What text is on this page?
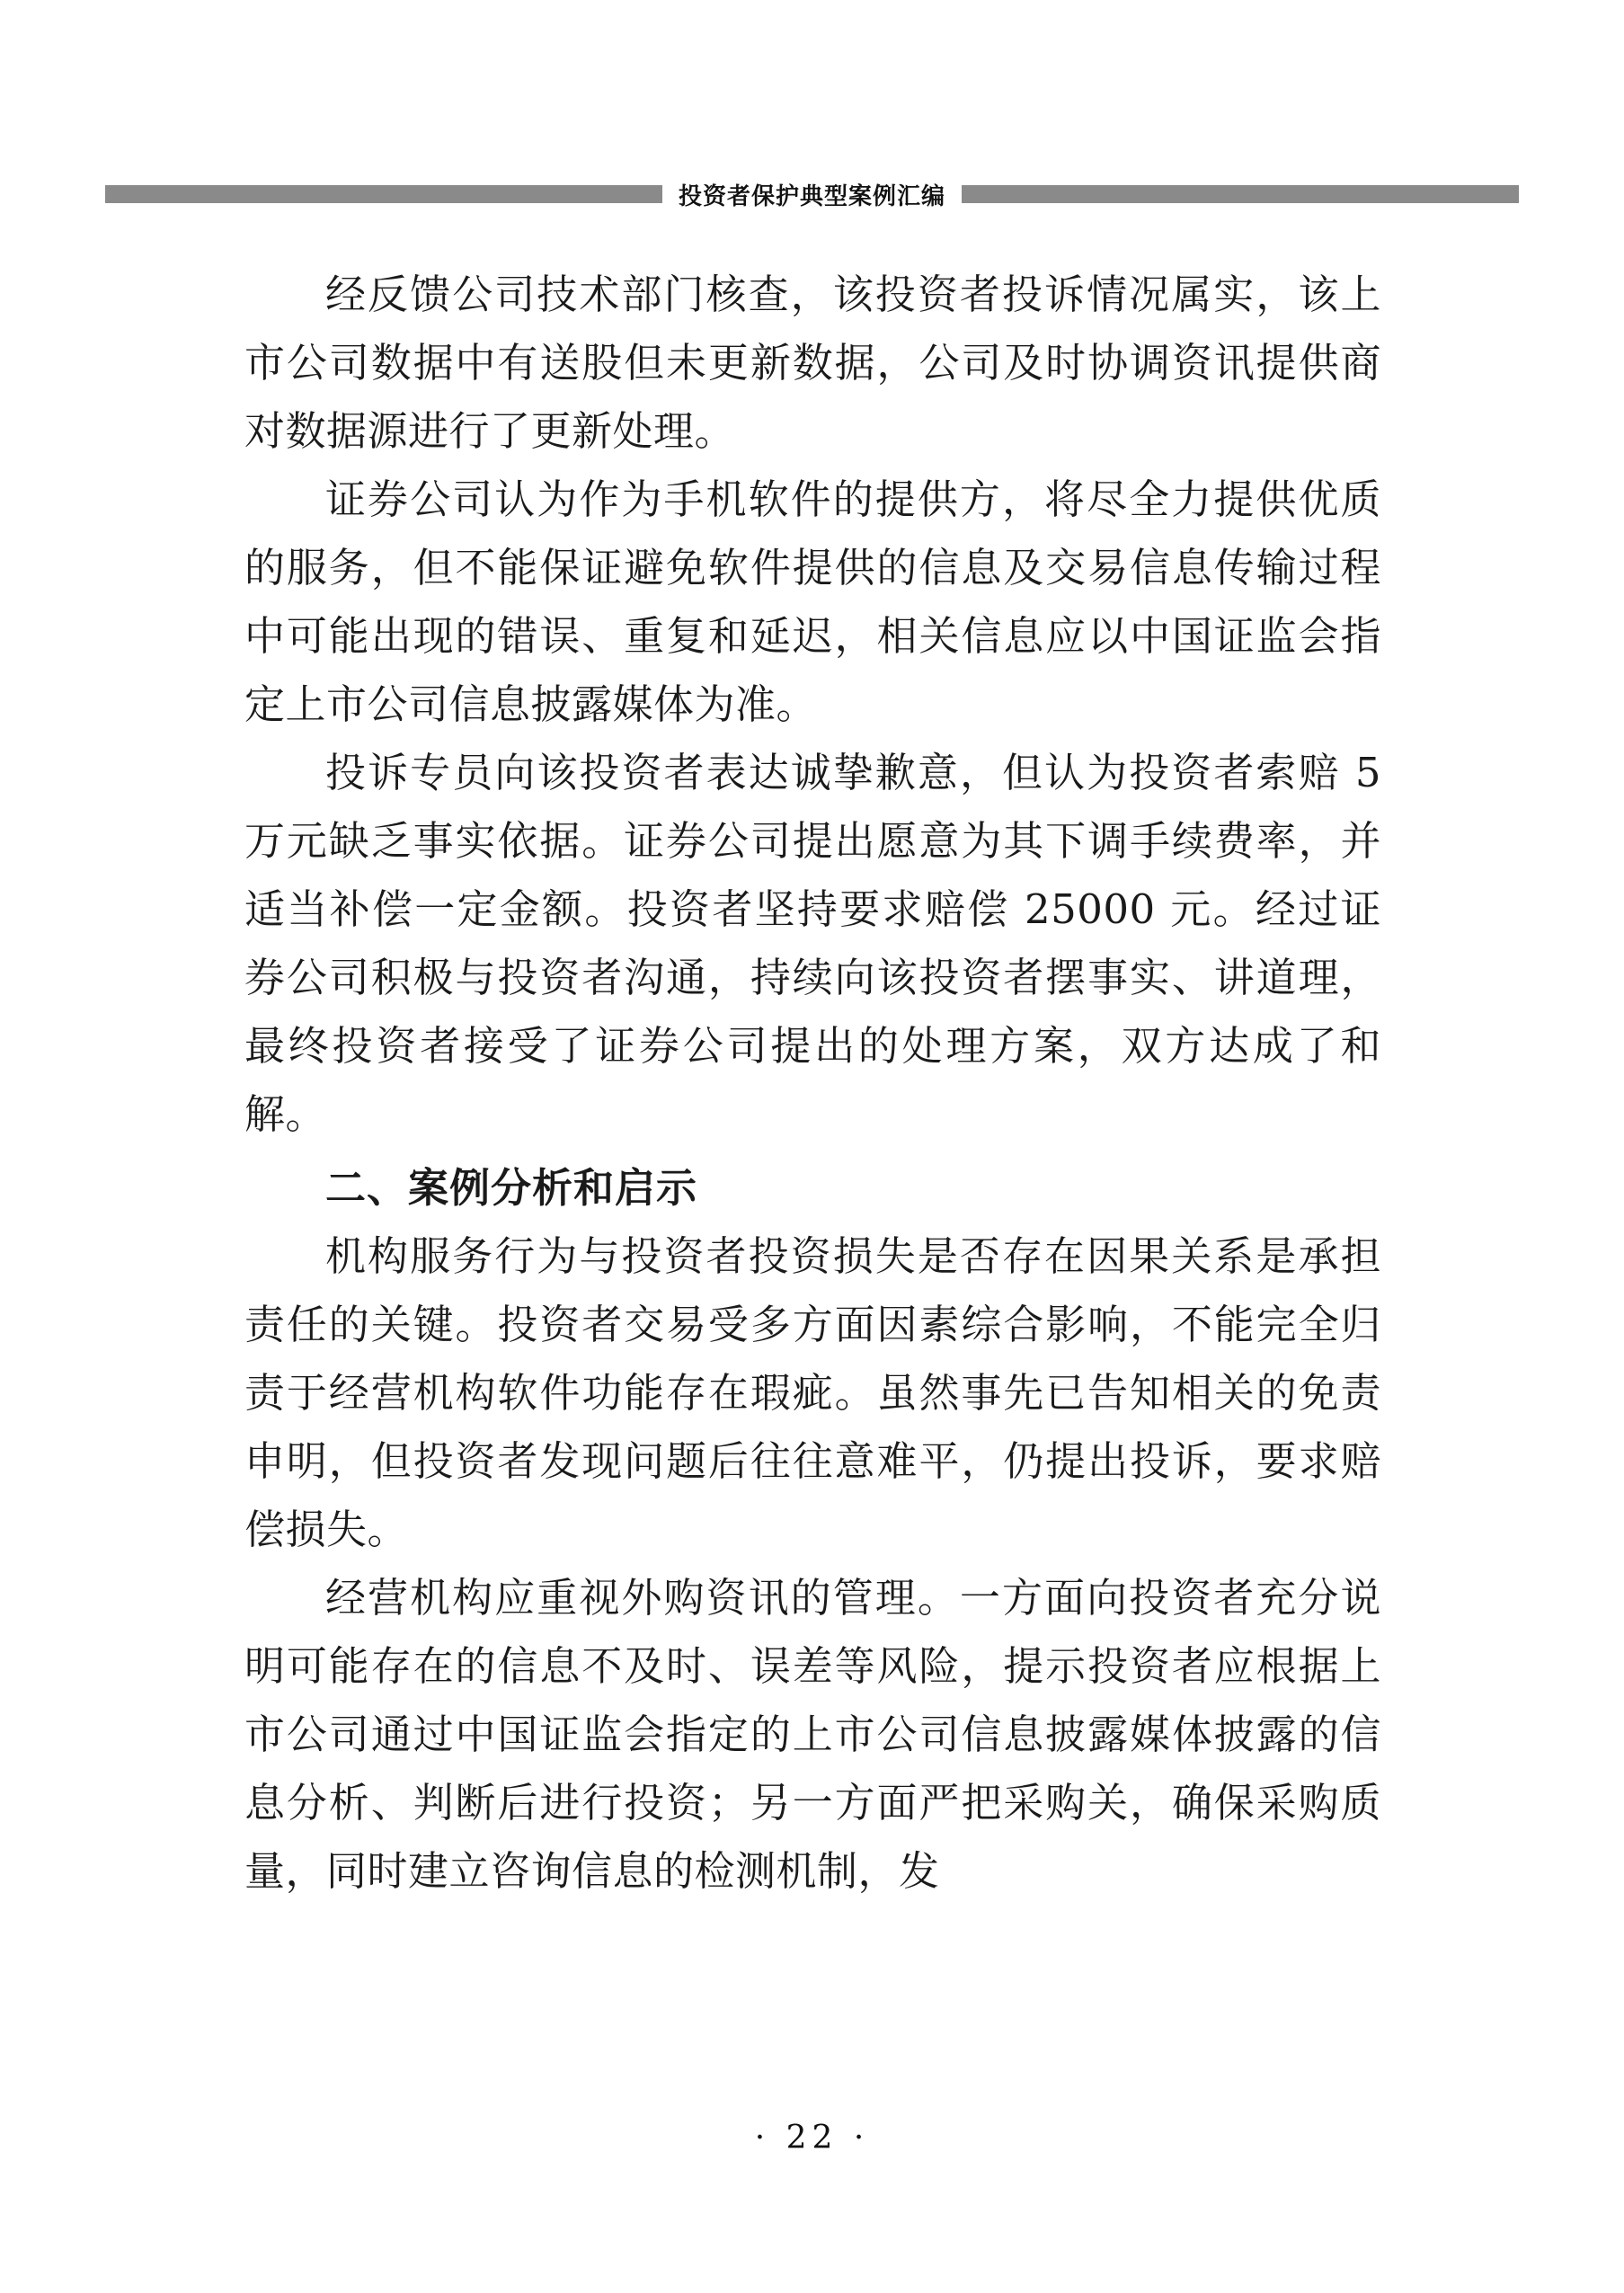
投资者保护典型案例汇编

经反馈公司技术部门核查，该投资者投诉情况属实，该上市公司数据中有送股但未更新数据，公司及时协调资讯提供商对数据源进行了更新处理。

证券公司认为作为手机软件的提供方，将尽全力提供优质的服务，但不能保证避免软件提供的信息及交易信息传输过程中可能出现的错误、重复和延迟，相关信息应以中国证监会指定上市公司信息披露媒体为准。

投诉专员向该投资者表达诚挚歉意，但认为投资者索赔 5 万元缺乏事实依据。证券公司提出愿意为其下调手续费率，并适当补偿一定金额。投资者坚持要求赔偿 25000 元。经过证券公司积极与投资者沟通，持续向该投资者摆事实、讲道理，最终投资者接受了证券公司提出的处理方案，双方达成了和解。

二、案例分析和启示

机构服务行为与投资者投资损失是否存在因果关系是承担责任的关键。投资者交易受多方面因素综合影响，不能完全归责于经营机构软件功能存在瑕疵。虽然事先已告知相关的免责申明，但投资者发现问题后往往意难平，仍提出投诉，要求赔偿损失。

经营机构应重视外购资讯的管理。一方面向投资者充分说明可能存在的信息不及时、误差等风险，提示投资者应根据上市公司通过中国证监会指定的上市公司信息披露媒体披露的信息分析、判断后进行投资；另一方面严把采购关，确保采购质量，同时建立咨询信息的检测机制，发

· 22 ·
